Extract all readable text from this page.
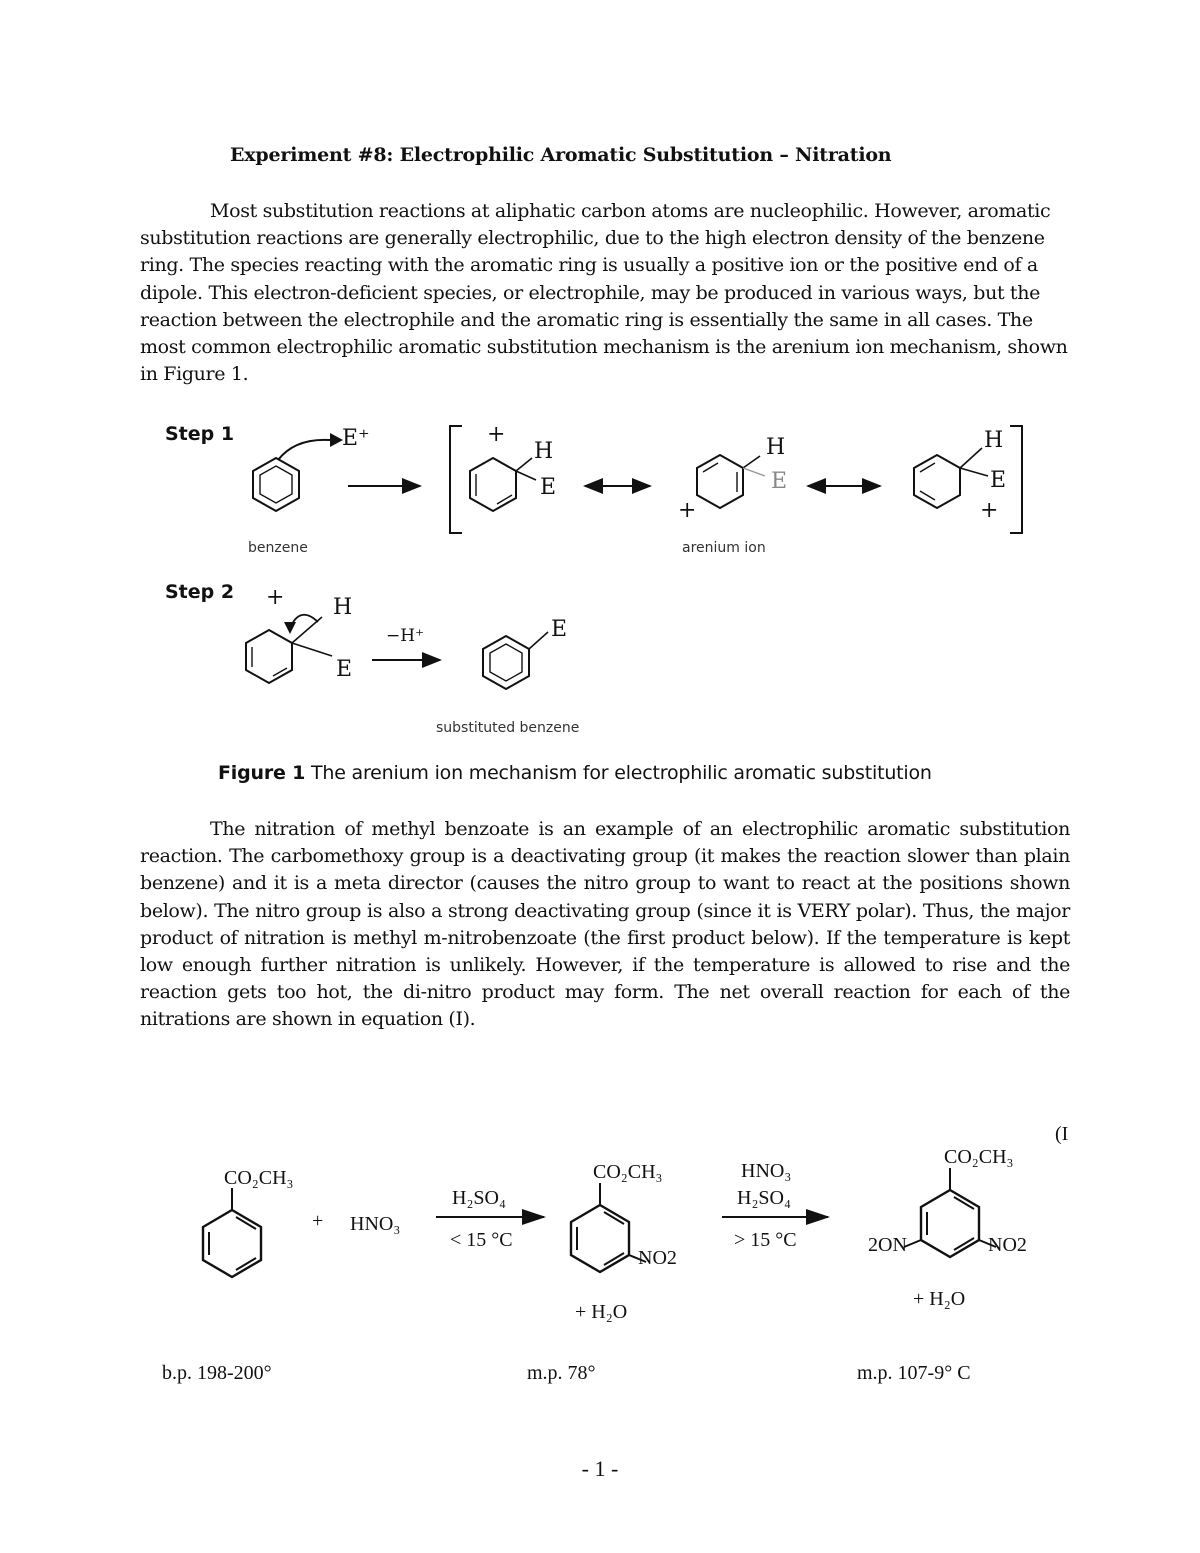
Experiment #8: Electrophilic Aromatic Substitution – Nitration

Most substitution reactions at aliphatic carbon atoms are nucleophilic. However, aromatic substitution reactions are generally electrophilic, due to the high electron density of the benzene ring. The species reacting with the aromatic ring is usually a positive ion or the positive end of a dipole. This electron-deficient species, or electrophile, may be produced in various ways, but the reaction between the electrophile and the aromatic ring is essentially the same in all cases. The most common electrophilic aromatic substitution mechanism is the arenium ion mechanism, shown in Figure 1.

Step 1	E⁺
benzene
+
H
E
+
H
E
arenium ion
H
E
+
Step 2 + H
E
−H⁺	E
substituted benzene
Figure 1 The arenium ion mechanism for electrophilic aromatic substitution

The nitration of methyl benzoate is an example of an electrophilic aromatic substitution reaction. The carbomethoxy group is a deactivating group (it makes the reaction slower than plain benzene) and it is a meta director (causes the nitro group to want to react at the positions shown below). The nitro group is also a strong deactivating group (since it is VERY polar). Thus, the major product of nitration is methyl m-nitrobenzoate (the first product below). If the temperature is kept low enough further nitration is unlikely. However, if the temperature is allowed to rise and the reaction gets too hot, the di-nitro product may form. The net overall reaction for each of the nitrations are shown in equation (I).

(I
CO₂CH₃
+ HNO₃
H₂SO₄
< 15 °C
CO₂CH₃
NO2
+ H₂O
HNO₃
H₂SO₄
> 15 °C
CO₂CH₃
2ON	NO2
+ H₂O
b.p. 198-200°	m.p. 78°	m.p. 107-9° C
- 1 -
